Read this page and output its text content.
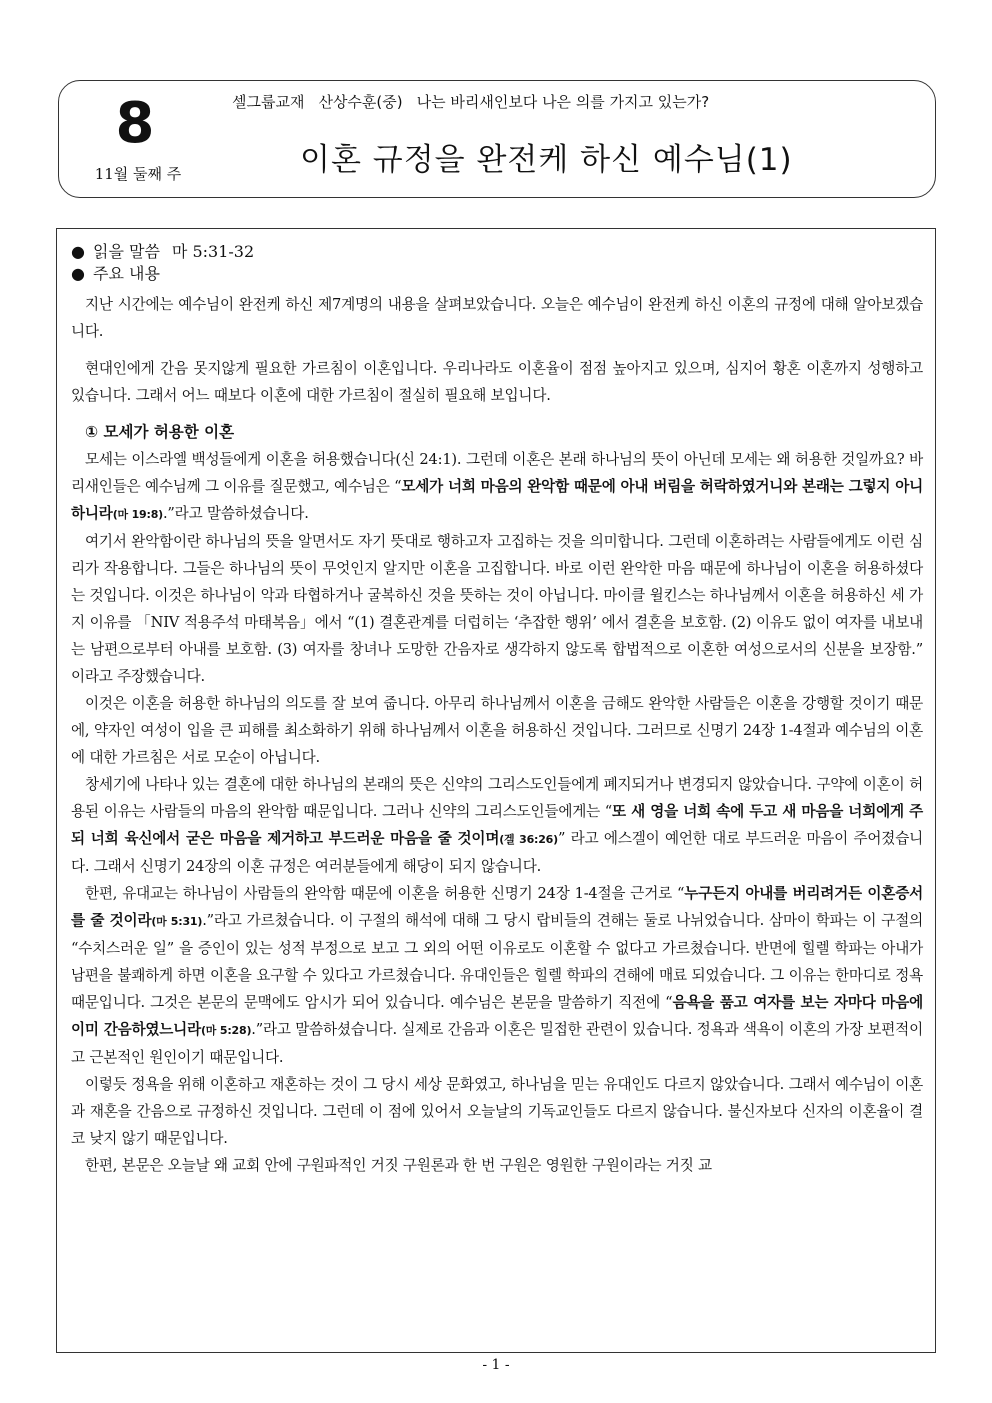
8
11월 둘째 주
셀그룹교재 산상수훈(중) 나는 바리새인보다 나은 의를 가지고 있는가?
이혼 규정을 완전케 하신 예수님(1)

● 읽을 말씀 마 5:31-32

● 주요 내용

지난 시간에는 예수님이 완전케 하신 제7계명의 내용을 살펴보았습니다. 오늘은 예수님이 완전케 하신 이혼의 규정에 대해 알아보겠습니다.

현대인에게 간음 못지않게 필요한 가르침이 이혼입니다. 우리나라도 이혼율이 점점 높아지고 있으며, 심지어 황혼 이혼까지 성행하고 있습니다. 그래서 어느 때보다 이혼에 대한 가르침이 절실히 필요해 보입니다.

① 모세가 허용한 이혼

모세는 이스라엘 백성들에게 이혼을 허용했습니다(신 24:1). 그런데 이혼은 본래 하나님의 뜻이 아닌데 모세는 왜 허용한 것일까요? 바리새인들은 예수님께 그 이유를 질문했고, 예수님은 “모세가 너희 마음의 완악함 때문에 아내 버림을 허락하였거니와 본래는 그렇지 아니하니라(마 19:8).”라고 말씀하셨습니다.

여기서 완악함이란 하나님의 뜻을 알면서도 자기 뜻대로 행하고자 고집하는 것을 의미합니다. 그런데 이혼하려는 사람들에게도 이런 심리가 작용합니다. 그들은 하나님의 뜻이 무엇인지 알지만 이혼을 고집합니다. 바로 이런 완악한 마음 때문에 하나님이 이혼을 허용하셨다는 것입니다. 이것은 하나님이 악과 타협하거나 굴복하신 것을 뜻하는 것이 아닙니다. 마이클 윌킨스는 하나님께서 이혼을 허용하신 세 가지 이유를 「NIV 적용주석 마태복음」에서 “(1) 결혼관계를 더럽히는 ‘추잡한 행위’ 에서 결혼을 보호함. (2) 이유도 없이 여자를 내보내는 남편으로부터 아내를 보호함. (3) 여자를 창녀나 도망한 간음자로 생각하지 않도록 합법적으로 이혼한 여성으로서의 신분을 보장함.” 이라고 주장했습니다.

이것은 이혼을 허용한 하나님의 의도를 잘 보여 줍니다. 아무리 하나님께서 이혼을 금해도 완악한 사람들은 이혼을 강행할 것이기 때문에, 약자인 여성이 입을 큰 피해를 최소화하기 위해 하나님께서 이혼을 허용하신 것입니다. 그러므로 신명기 24장 1-4절과 예수님의 이혼에 대한 가르침은 서로 모순이 아닙니다.

창세기에 나타나 있는 결혼에 대한 하나님의 본래의 뜻은 신약의 그리스도인들에게 폐지되거나 변경되지 않았습니다. 구약에 이혼이 허용된 이유는 사람들의 마음의 완악함 때문입니다. 그러나 신약의 그리스도인들에게는 “또 새 영을 너희 속에 두고 새 마음을 너희에게 주되 너희 육신에서 굳은 마음을 제거하고 부드러운 마음을 줄 것이며(겔 36:26)” 라고 에스겔이 예언한 대로 부드러운 마음이 주어졌습니다. 그래서 신명기 24장의 이혼 규정은 여러분들에게 해당이 되지 않습니다.

한편, 유대교는 하나님이 사람들의 완악함 때문에 이혼을 허용한 신명기 24장 1-4절을 근거로 “누구든지 아내를 버리려거든 이혼증서를 줄 것이라(마 5:31).”라고 가르쳤습니다. 이 구절의 해석에 대해 그 당시 랍비들의 견해는 둘로 나뉘었습니다. 삼마이 학파는 이 구절의 “수치스러운 일” 을 증인이 있는 성적 부정으로 보고 그 외의 어떤 이유로도 이혼할 수 없다고 가르쳤습니다. 반면에 힐렐 학파는 아내가 남편을 불쾌하게 하면 이혼을 요구할 수 있다고 가르쳤습니다. 유대인들은 힐렐 학파의 견해에 매료 되었습니다. 그 이유는 한마디로 정욕 때문입니다. 그것은 본문의 문맥에도 암시가 되어 있습니다. 예수님은 본문을 말씀하기 직전에 “음욕을 품고 여자를 보는 자마다 마음에 이미 간음하였느니라(마 5:28).”라고 말씀하셨습니다. 실제로 간음과 이혼은 밀접한 관련이 있습니다. 정욕과 색욕이 이혼의 가장 보편적이고 근본적인 원인이기 때문입니다.

이렇듯 정욕을 위해 이혼하고 재혼하는 것이 그 당시 세상 문화였고, 하나님을 믿는 유대인도 다르지 않았습니다. 그래서 예수님이 이혼과 재혼을 간음으로 규정하신 것입니다. 그런데 이 점에 있어서 오늘날의 기독교인들도 다르지 않습니다. 불신자보다 신자의 이혼율이 결코 낮지 않기 때문입니다.

한편, 본문은 오늘날 왜 교회 안에 구원파적인 거짓 구원론과 한 번 구원은 영원한 구원이라는 거짓 교

- 1 -
